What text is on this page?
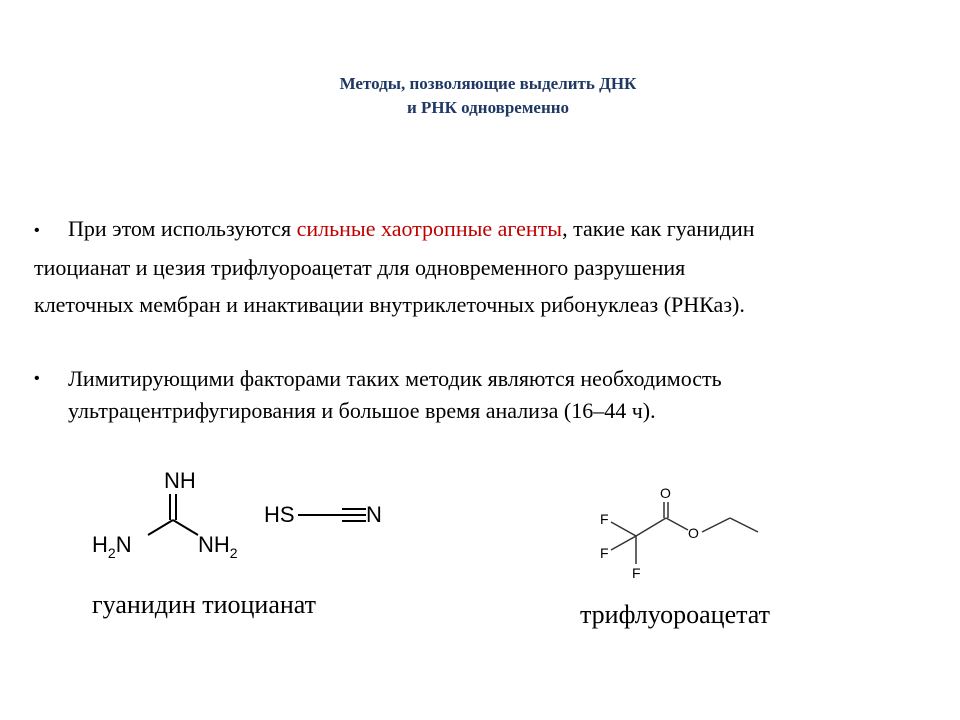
Методы, позволяющие выделить ДНК
и РНК одновременно
• При этом используются сильные хаотропные агенты, такие как гуанидин
тиоцианат и цезия трифлуороацетат для одновременного разрушения
клеточных мембран и инактивации внутриклеточных рибонуклеаз (РНКаз).
• Лимитирующими факторами таких методик являются необходимость
ультрацентрифугирования и большое время анализа (16–44 ч).
NH
$H_2N$	$NH_2$
HS	N
O
O
F
F
F
гуанидин тиоцианат	трифлуороацетат
